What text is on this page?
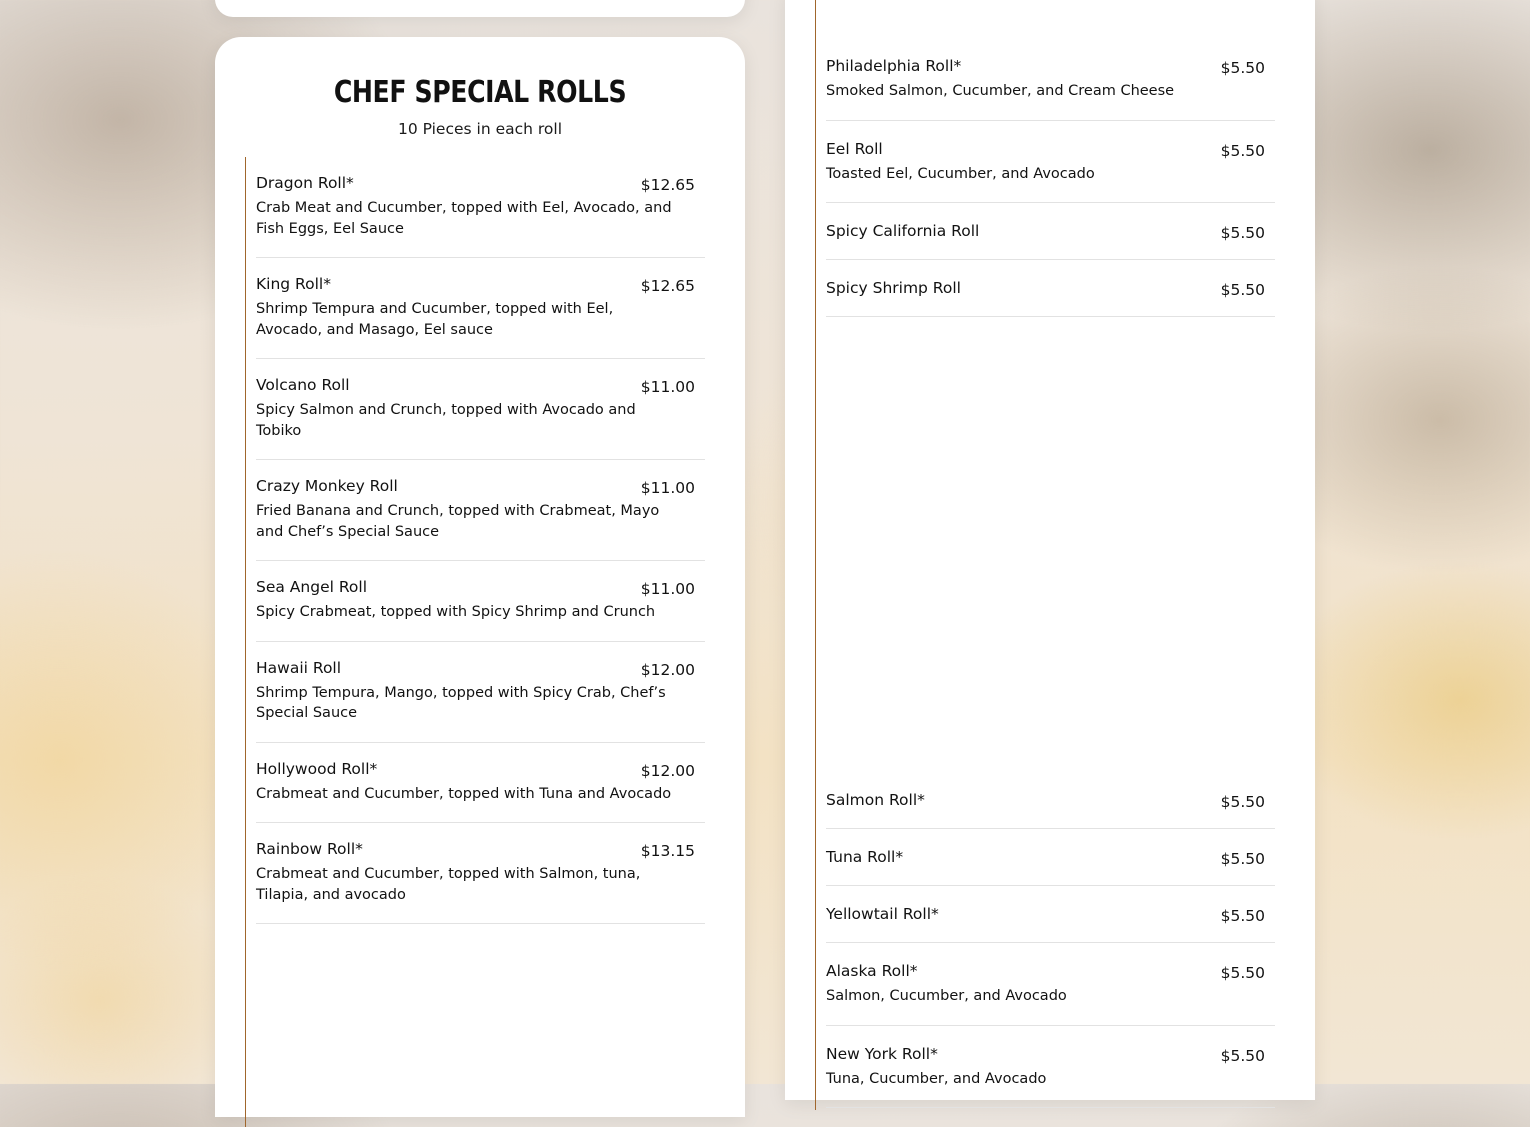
CHEF SPECIAL ROLLS

10 Pieces in each roll

Dragon Roll*
Crab Meat and Cucumber, topped with Eel, Avocado, and Fish Eggs, Eel Sauce
$12.65
King Roll*
Shrimp Tempura and Cucumber, topped with Eel, Avocado, and Masago, Eel sauce
$12.65
Volcano Roll
Spicy Salmon and Crunch, topped with Avocado and Tobiko
$11.00
Crazy Monkey Roll
Fried Banana and Crunch, topped with Crabmeat, Mayo and Chef’s Special Sauce
$11.00
Sea Angel Roll
Spicy Crabmeat, topped with Spicy Shrimp and Crunch
$11.00
Hawaii Roll
Shrimp Tempura, Mango, topped with Spicy Crab, Chef’s Special Sauce
$12.00
Hollywood Roll*
Crabmeat and Cucumber, topped with Tuna and Avocado
$12.00
Rainbow Roll*
Crabmeat and Cucumber, topped with Salmon, tuna, Tilapia, and avocado
$13.15
Philadelphia Roll*
Smoked Salmon, Cucumber, and Cream Cheese
$5.50
Eel Roll
Toasted Eel, Cucumber, and Avocado
$5.50
Spicy California Roll	$5.50
Spicy Shrimp Roll	$5.50
Salmon Roll*	$5.50
Tuna Roll*	$5.50
Yellowtail Roll*	$5.50
Alaska Roll*
Salmon, Cucumber, and Avocado
$5.50
New York Roll*
Tuna, Cucumber, and Avocado
$5.50
